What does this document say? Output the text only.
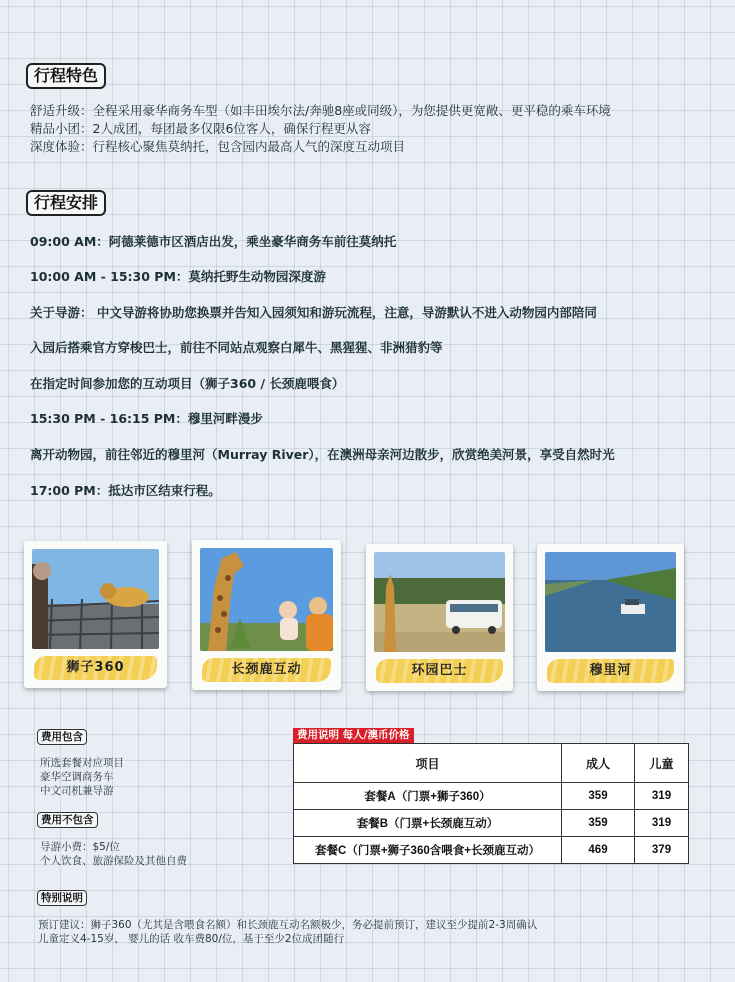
行程特色
舒适升级：全程采用豪华商务车型（如丰田埃尔法/奔驰8座或同级），为您提供更宽敞、更平稳的乘车环境
精品小团：2人成团，每团最多仅限6位客人，确保行程更从容
深度体验：行程核心聚焦莫纳托，包含园内最高人气的深度互动项目
行程安排
09:00 AM：阿德莱德市区酒店出发，乘坐豪华商务车前往莫纳托
10:00 AM - 15:30 PM：莫纳托野生动物园深度游
关于导游： 中文导游将协助您换票并告知入园须知和游玩流程，注意，导游默认不进入动物园内部陪同
入园后搭乘官方穿梭巴士，前往不同站点观察白犀牛、黑猩猩、非洲猎豹等
在指定时间参加您的互动项目（狮子360 / 长颈鹿喂食）
15:30 PM - 16:15 PM：穆里河畔漫步
离开动物园，前往邻近的穆里河（Murray River），在澳洲母亲河边散步，欣赏绝美河景，享受自然时光
17:00 PM：抵达市区结束行程。
狮子360	长颈鹿互动	环园巴士	穆里河
费用包含
所选套餐对应项目
豪华空调商务车
中文司机兼导游
费用不包含
导游小费：$5/位
个人饮食、旅游保险及其他自费
费用说明 每人/澳币价格
项目	成人	儿童
套餐A（门票+狮子360）	359	319
套餐B（门票+长颈鹿互动）	359	319
套餐C（门票+狮子360含喂食+长颈鹿互动）	469	379
特别说明
预订建议：狮子360（尤其是含喂食名额）和长颈鹿互动名额极少，务必提前预订，建议至少提前2-3周确认
儿童定义4-15岁， 婴儿的话 收车费80/位，基于至少2位成团随行
